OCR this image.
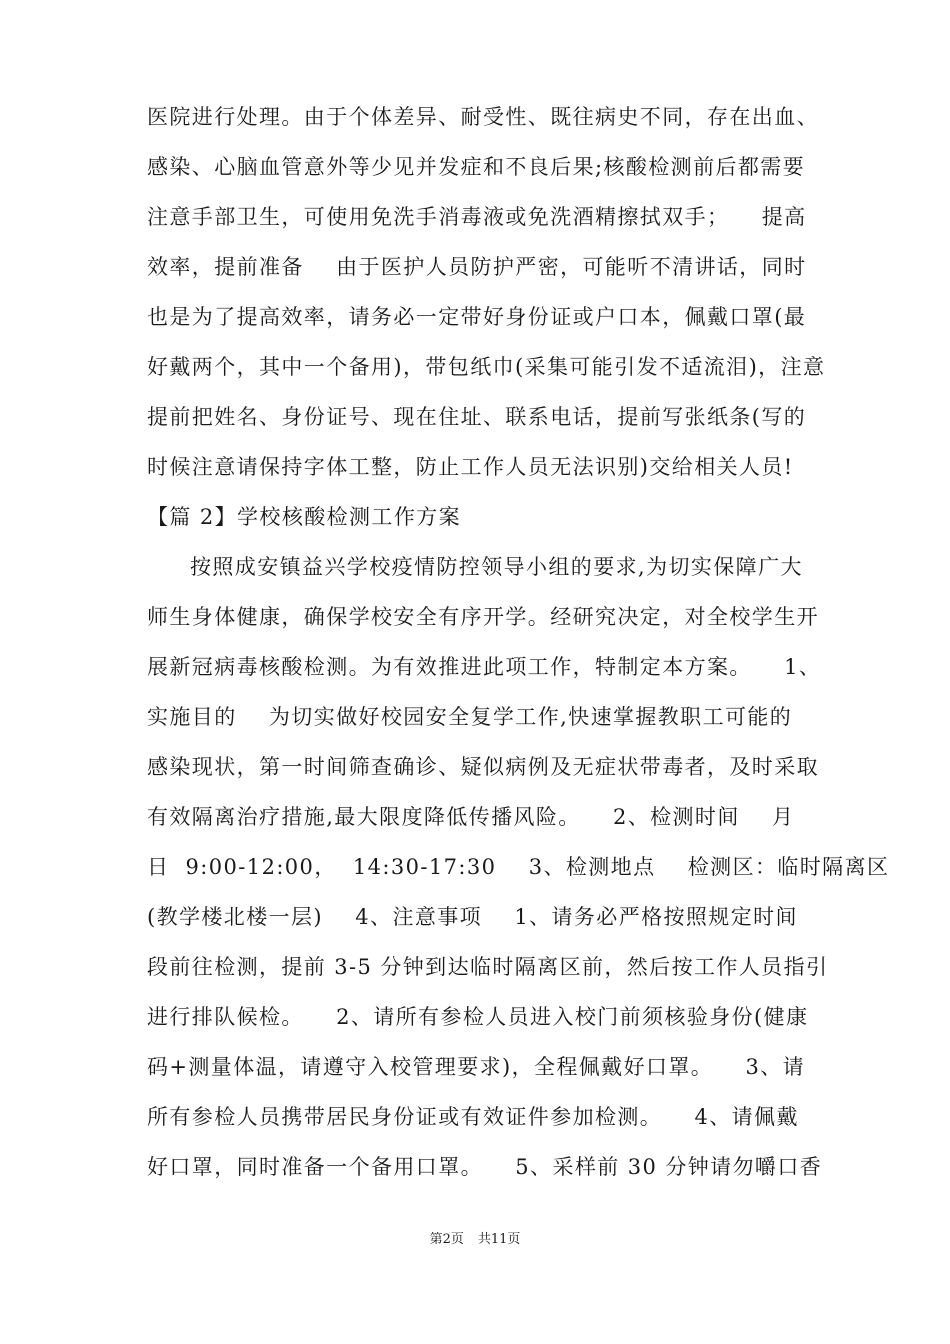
医院进行处理。由于个体差异、耐受性、既往病史不同，存在出血、
感染、心脑血管意外等少见并发症和不良后果;核酸检测前后都需要
注意手部卫生，可使用免洗手消毒液或免洗酒精擦拭双手；    提高
效率，提前准备    由于医护人员防护严密，可能听不清讲话，同时
也是为了提高效率，请务必一定带好身份证或户口本，佩戴口罩(最
好戴两个，其中一个备用)，带包纸巾(采集可能引发不适流泪)，注意
提前把姓名、身份证号、现在住址、联系电话，提前写张纸条(写的
时候注意请保持字体工整，防止工作人员无法识别)交给相关人员!
【篇 2】学校核酸检测工作方案
按照成安镇益兴学校疫情防控领导小组的要求,为切实保障广大
师生身体健康，确保学校安全有序开学。经研究决定，对全校学生开
展新冠病毒核酸检测。为有效推进此项工作，特制定本方案。    1、
实施目的    为切实做好校园安全复学工作,快速掌握教职工可能的
感染现状，第一时间筛查确诊、疑似病例及无症状带毒者，及时采取
有效隔离治疗措施,最大限度降低传播风险。    2、检测时间    月
日  9:00-12:00，  14:30-17:30    3、检测地点    检测区：临时隔离区
(教学楼北楼一层)    4、注意事项    1、请务必严格按照规定时间
段前往检测，提前 3-5 分钟到达临时隔离区前，然后按工作人员指引
进行排队候检。    2、请所有参检人员进入校门前须核验身份(健康
码+测量体温，请遵守入校管理要求)，全程佩戴好口罩。    3、请
所有参检人员携带居民身份证或有效证件参加检测。    4、请佩戴
好口罩，同时准备一个备用口罩。    5、采样前 30 分钟请勿嚼口香
第2页 共11页
